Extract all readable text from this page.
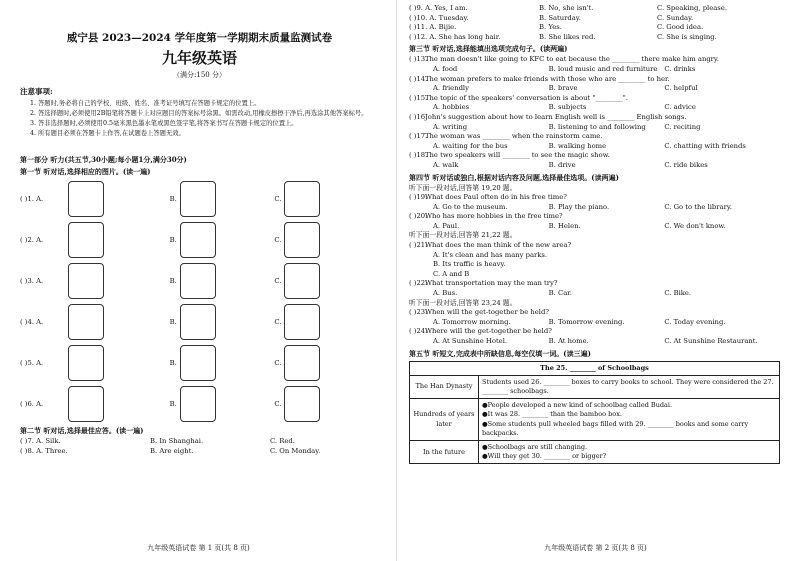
威宁县 2023—2024 学年度第一学期期末质量监测试卷
九年级英语
（满分:150 分）
注意事项:
1. 答题时,务必将自己的学校、班级、姓名、准考证号填写在答题卡规定的位置上。
2. 答选择题时,必须使用2B铅笔将答题卡上对应题目的答案标号涂黑。如需改动,用橡皮擦擦干净后,再选涂其他答案标号。
3. 答非选择题时,必须使用0.5毫米黑色墨水笔或黑色签字笔,将答案书写在答题卡规定的位置上。
4. 所有题目必须在答题卡上作答,在试题卷上答题无效。
第一部分 听力(共五节,30小题;每小题1分,满分30分)
第一节 听对话,选择相应的图片。(读一遍)
( )1. A.	B.	C.
( )2. A.	B.	C.
( )3. A.	B.	C.
( )4. A.	B.	C.
( )5. A.	B.	C.
( )6. A.	B.	C.
第二节 听对话,选择最佳应答。(读一遍)
( )7. A. Silk.	B. In Shanghai.	C. Red.
( )8. A. Three.	B. Are eight.	C. On Monday.
九年级英语试卷 第 1 页(共 8 页)
( )9. A. Yes, I am.	B. No, she isn't.	C. Speaking, please.
( )10. A. Tuesday.	B. Saturday.	C. Sunday.
( )11. A. Bijie.	B. Yes.	C. Good idea.
( )12. A. She has long hair.	B. She likes red.	C. She is singing.
第三节 听对话,选择能填出选项完成句子。(读两遍)
( )13.
The man doesn't like going to KFC to eat because the ________ there make him angry.
A. food	B. loud music and red furniture	C. drinks
( )14.
The woman prefers to make friends with those who are ________ to her.
A. friendly	B. brave	C. helpful
( )15.
The topic of the speakers' conversation is about "________".
A. hobbies	B. subjects	C. advice
( )16.
John's suggestion about how to learn English well is ________ English songs.
A. writing	B. listening to and following	C. reciting
( )17.
The woman was ________ when the rainstorm came.
A. waiting for the bus	B. walking home	C. chatting with friends
( )18.
The two speakers will ________ to see the magic show.
A. walk	B. drive	C. ride bikes
第四节 听对话或独白,根据对话内容及问题,选择最佳选项。(读两遍)
听下面一段对话,回答第 19,20 题。
( )19.
What does Paul often do in his free time?
A. Go to the museum.	B. Play the piano.	C. Go to the library.
( )20.
Who has more hobbies in the free time?
A. Paul.	B. Helen.	C. We don't know.
听下面一段对话,回答第 21,22 题。
( )21.
What does the man think of the new area?
A. It's clean and has many parks.
B. Its traffic is heavy.
C. A and B
( )22.
What transportation may the man try?
A. Bus.	B. Car.	C. Bike.
听下面一段对话,回答第 23,24 题。
( )23.
When will the get-together be held?
A. Tomorrow morning.	B. Tomorrow evening.	C. Today evening.
( )24.
Where will the get-together be held?
A. At Sunshine Hotel.	B. At home.	C. At Sunshine Restaurant.
第五节 听短文,完成表中所缺信息,每空仅填一词。(读三遍)
The 25. ________ of Schoolbags	
The Han Dynasty	Students used 26. ________ boxes to carry books to school. They were considered the 27. ________ schoolbags.

Hundreds of years later	●People developed a new kind of schoolbag called Budai.
●It was 28. ________ than the bamboo box.
●Some students pull wheeled bags filled with 29. ________ books and some carry backpacks.

In the future	●Schoolbags are still changing.
●Will they get 30. ________ or bigger?
九年级英语试卷 第 2 页(共 8 页)
